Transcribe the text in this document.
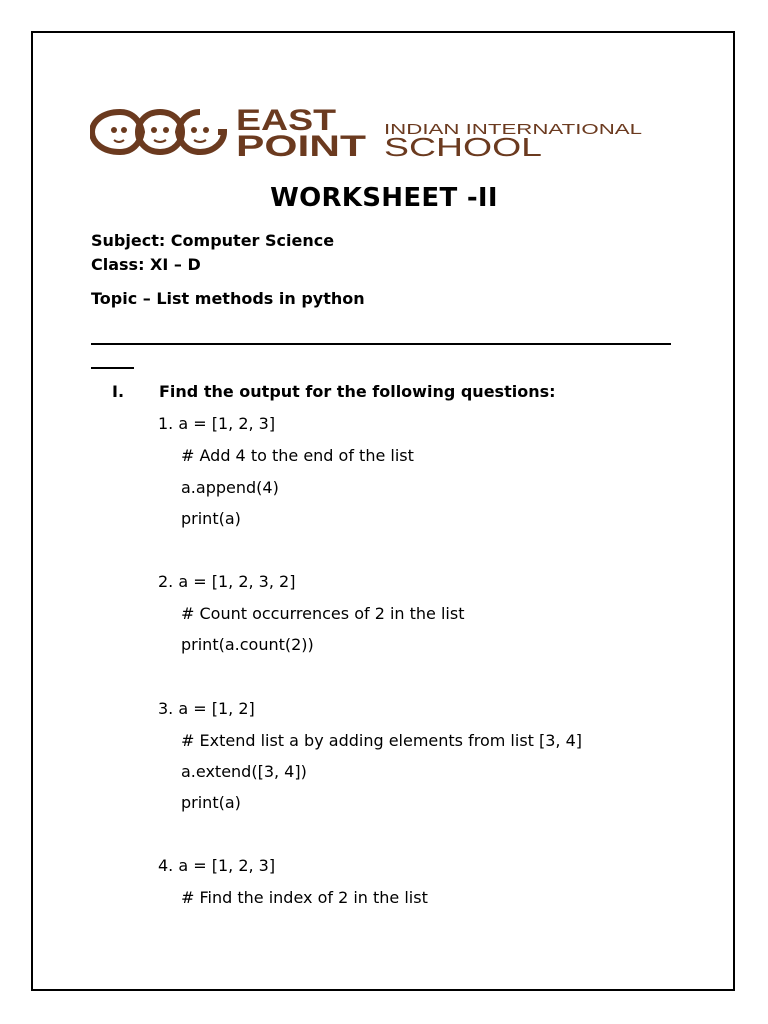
EAST
POINT
INDIAN INTERNATIONAL
SCHOOL
WORKSHEET -II
Subject: Computer Science
Class: XI – D
Topic – List methods in python
I. Find the output for the following questions:
1. a = [1, 2, 3]
# Add 4 to the end of the list
a.append(4)
print(a)
2. a = [1, 2, 3, 2]
# Count occurrences of 2 in the list
print(a.count(2))
3. a = [1, 2]
# Extend list a by adding elements from list [3, 4]
a.extend([3, 4])
print(a)
4. a = [1, 2, 3]
# Find the index of 2 in the list
